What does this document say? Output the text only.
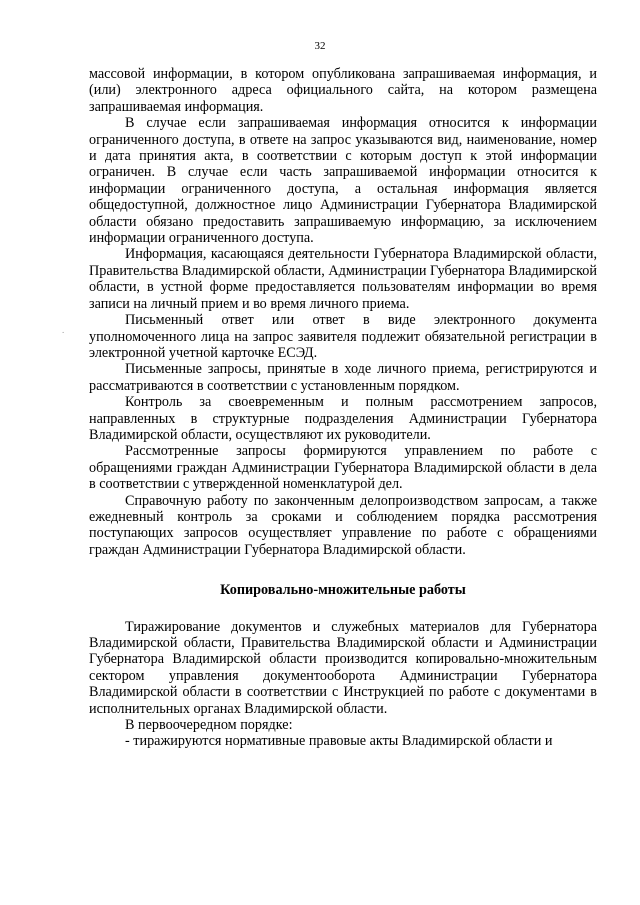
32
.

массовой информации, в котором опубликована запрашиваемая информация, и (или) электронного адреса официального сайта, на котором размещена запрашиваемая информация.

В случае если запрашиваемая информация относится к информации ограниченного доступа, в ответе на запрос указываются вид, наименование, номер и дата принятия акта, в соответствии с которым доступ к этой информации ограничен. В случае если часть запрашиваемой информации относится к информации ограниченного доступа, а остальная информация является общедоступной, должностное лицо Администрации Губернатора Владимирской области обязано предоставить запрашиваемую информацию, за исключением информации ограниченного доступа.

Информация, касающаяся деятельности Губернатора Владимирской области, Правительства Владимирской области, Администрации Губернатора Владимирской области, в устной форме предоставляется пользователям информации во время записи на личный прием и во время личного приема.

Письменный ответ или ответ в виде электронного документа уполномоченного лица на запрос заявителя подлежит обязательной регистрации в электронной учетной карточке ЕСЭД.

Письменные запросы, принятые в ходе личного приема, регистрируются и рассматриваются в соответствии с установленным порядком.

Контроль за своевременным и полным рассмотрением запросов, направленных в структурные подразделения Администрации Губернатора Владимирской области, осуществляют их руководители.

Рассмотренные запросы формируются управлением по работе с обращениями граждан Администрации Губернатора Владимирской области в дела в соответствии с утвержденной номенклатурой дел.

Справочную работу по законченным делопроизводством запросам, а также ежедневный контроль за сроками и соблюдением порядка рассмотрения поступающих запросов осуществляет управление по работе с обращениями граждан Администрации Губернатора Владимирской области.

Копировально-множительные работы

Тиражирование документов и служебных материалов для Губернатора Владимирской области, Правительства Владимирской области и Администрации Губернатора Владимирской области производится копировально-множительным сектором управления документооборота Администрации Губернатора Владимирской области в соответствии с Инструкцией по работе с документами в исполнительных органах Владимирской области.

В первоочередном порядке:

- тиражируются нормативные правовые акты Владимирской области и
